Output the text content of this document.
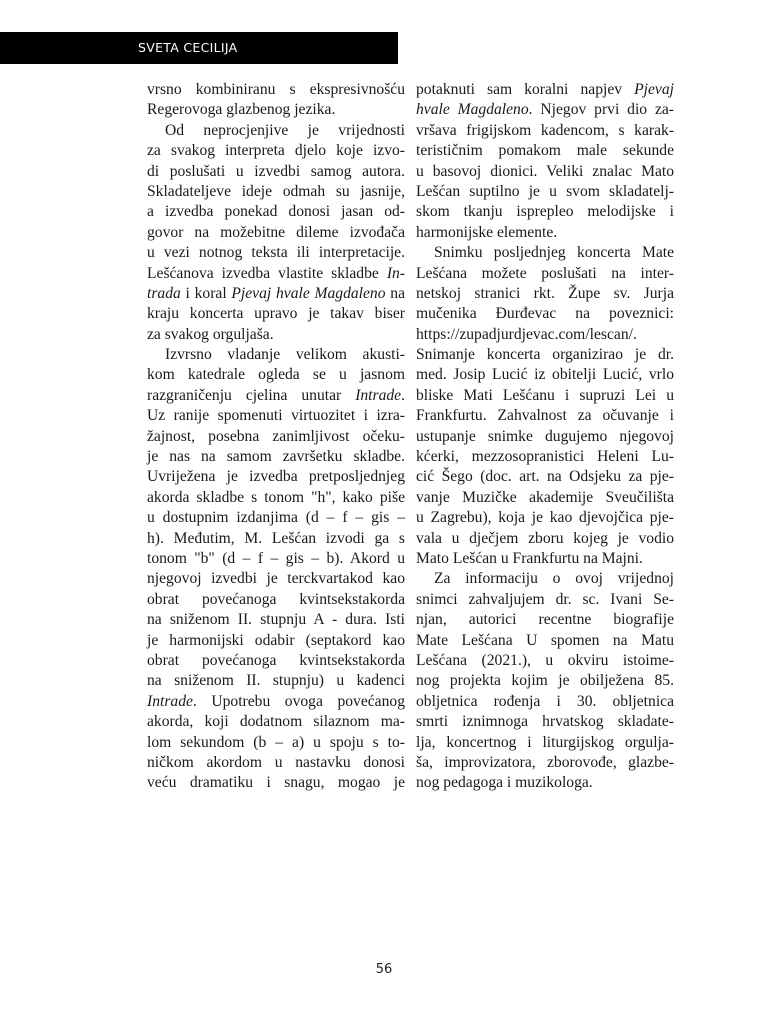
SVETA CECILIJA
vrsno kombiniranu s ekspresivnošću
Regerovoga glazbenog jezika.
Od neprocjenjive je vrijednosti
za svakog interpreta djelo koje izvo-
di poslušati u izvedbi samog autora.
Skladateljeve ideje odmah su jasnije,
a izvedba ponekad donosi jasan od-
govor na možebitne dileme izvođača
u vezi notnog teksta ili interpretacije.
Lešćanova izvedba vlastite skladbe In-
trada i koral Pjevaj hvale Magdaleno na
kraju koncerta upravo je takav biser
za svakog orguljaša.
Izvrsno vladanje velikom akusti-
kom katedrale ogleda se u jasnom
razgraničenju cjelina unutar Intrade.
Uz ranije spomenuti virtuozitet i izra-
žajnost, posebna zanimljivost očeku-
je nas na samom završetku skladbe.
Uvriježena je izvedba pretposljednjeg
akorda skladbe s tonom "h", kako piše
u dostupnim izdanjima (d – f – gis –
h). Međutim, M. Lešćan izvodi ga s
tonom "b" (d – f – gis – b). Akord u
njegovoj izvedbi je terckvartakod kao
obrat povećanoga kvintsekstakorda
na sniženom II. stupnju A - dura. Isti
je harmonijski odabir (septakord kao
obrat povećanoga kvintsekstakorda
na sniženom II. stupnju) u kadenci
Intrade. Upotrebu ovoga povećanog
akorda, koji dodatnom silaznom ma-
lom sekundom (b – a) u spoju s to-
ničkom akordom u nastavku donosi
veću dramatiku i snagu, mogao je
potaknuti sam koralni napjev Pjevaj
hvale Magdaleno. Njegov prvi dio za-
vršava frigijskom kadencom, s karak-
terističnim pomakom male sekunde
u basovoj dionici. Veliki znalac Mato
Lešćan suptilno je u svom skladatelj-
skom tkanju isprepleo melodijske i
harmonijske elemente.
Snimku posljednjeg koncerta Mate
Lešćana možete poslušati na inter-
netskoj stranici rkt. Župe sv. Jurja
mučenika Đurđevac na poveznici:
https://zupadjurdjevac.com/lescan/.
Snimanje koncerta organizirao je dr.
med. Josip Lucić iz obitelji Lucić, vrlo
bliske Mati Lešćanu i supruzi Lei u
Frankfurtu. Zahvalnost za očuvanje i
ustupanje snimke dugujemo njegovoj
kćerki, mezzosopranistici Heleni Lu-
cić Šego (doc. art. na Odsjeku za pje-
vanje Muzičke akademije Sveučilišta
u Zagrebu), koja je kao djevojčica pje-
vala u dječjem zboru kojeg je vodio
Mato Lešćan u Frankfurtu na Majni.
Za informaciju o ovoj vrijednoj
snimci zahvaljujem dr. sc. Ivani Se-
njan, autorici recentne biografije
Mate Lešćana U spomen na Matu
Lešćana (2021.), u okviru istoime-
nog projekta kojim je obilježena 85.
obljetnica rođenja i 30. obljetnica
smrti iznimnoga hrvatskog skladate-
lja, koncertnog i liturgijskog orgulja-
ša, improvizatora, zborovođe, glazbe-
nog pedagoga i muzikologa.
56
